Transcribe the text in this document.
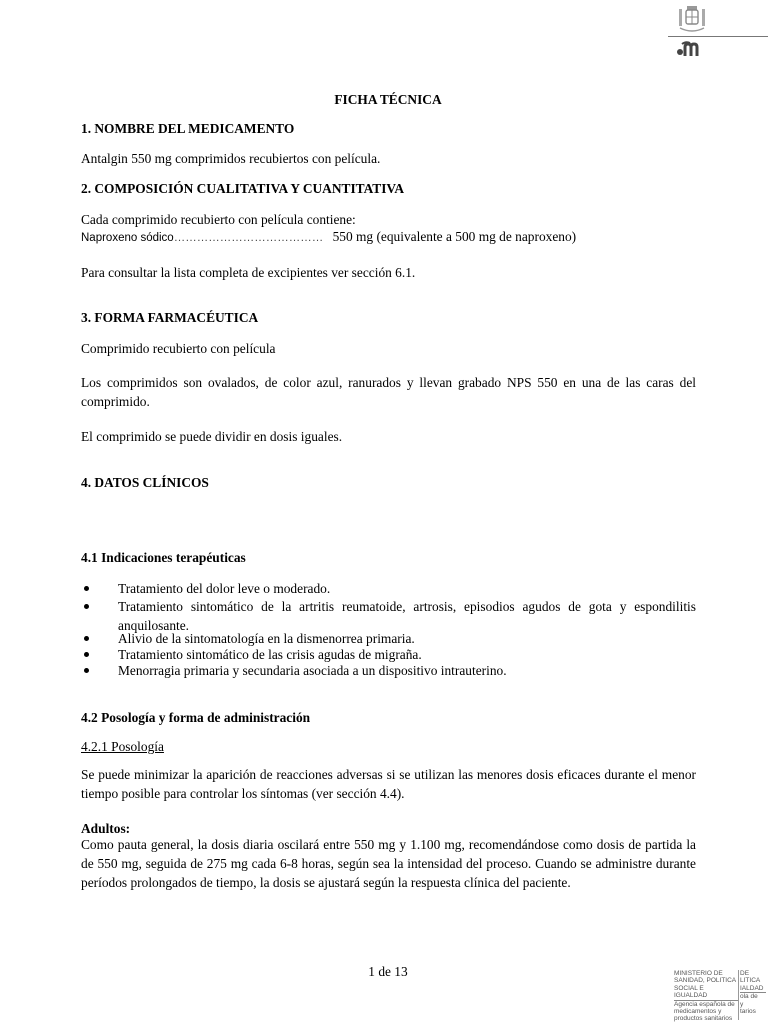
FICHA TÉCNICA
1. NOMBRE DEL MEDICAMENTO
Antalgin 550 mg comprimidos recubiertos con película.
2. COMPOSICIÓN CUALITATIVA Y CUANTITATIVA
Cada comprimido recubierto con película contiene:
Naproxeno sódico………………………………… 550 mg (equivalente a 500 mg de naproxeno)
Para consultar la lista completa de excipientes ver sección 6.1.
3. FORMA FARMACÉUTICA
Comprimido recubierto con película
Los comprimidos son ovalados, de color azul, ranurados y llevan grabado NPS 550 en una de las caras del comprimido.
El comprimido se puede dividir en dosis iguales.
4. DATOS CLÍNICOS
4.1 Indicaciones terapéuticas
Tratamiento del dolor leve o moderado.
Tratamiento sintomático de la artritis reumatoide, artrosis, episodios agudos de gota y espondilitis anquilosante.
Alivio de la sintomatología en la dismenorrea primaria.
Tratamiento sintomático de las crisis agudas de migraña.
Menorragia primaria y secundaria asociada a un dispositivo intrauterino.
4.2 Posología y forma de administración
4.2.1 Posología
Se puede minimizar la aparición de reacciones adversas si se utilizan las menores dosis eficaces durante el menor tiempo posible para controlar los síntomas (ver sección 4.4).
Adultos:
Como pauta general, la dosis diaria oscilará entre 550 mg y 1.100 mg, recomendándose como dosis de partida la de 550 mg, seguida de 275 mg cada 6-8 horas, según sea la intensidad del proceso. Cuando se administre durante períodos prolongados de tiempo, la dosis se ajustará según la respuesta clínica del paciente.
1 de 13	MINISTERIO DE
SANIDAD, POLITICA
SOCIAL E IGUALDAD
Agencia española de
medicamentos y
productos sanitarios
DE
LITICA
IALDAD
ola de
y
tarios
